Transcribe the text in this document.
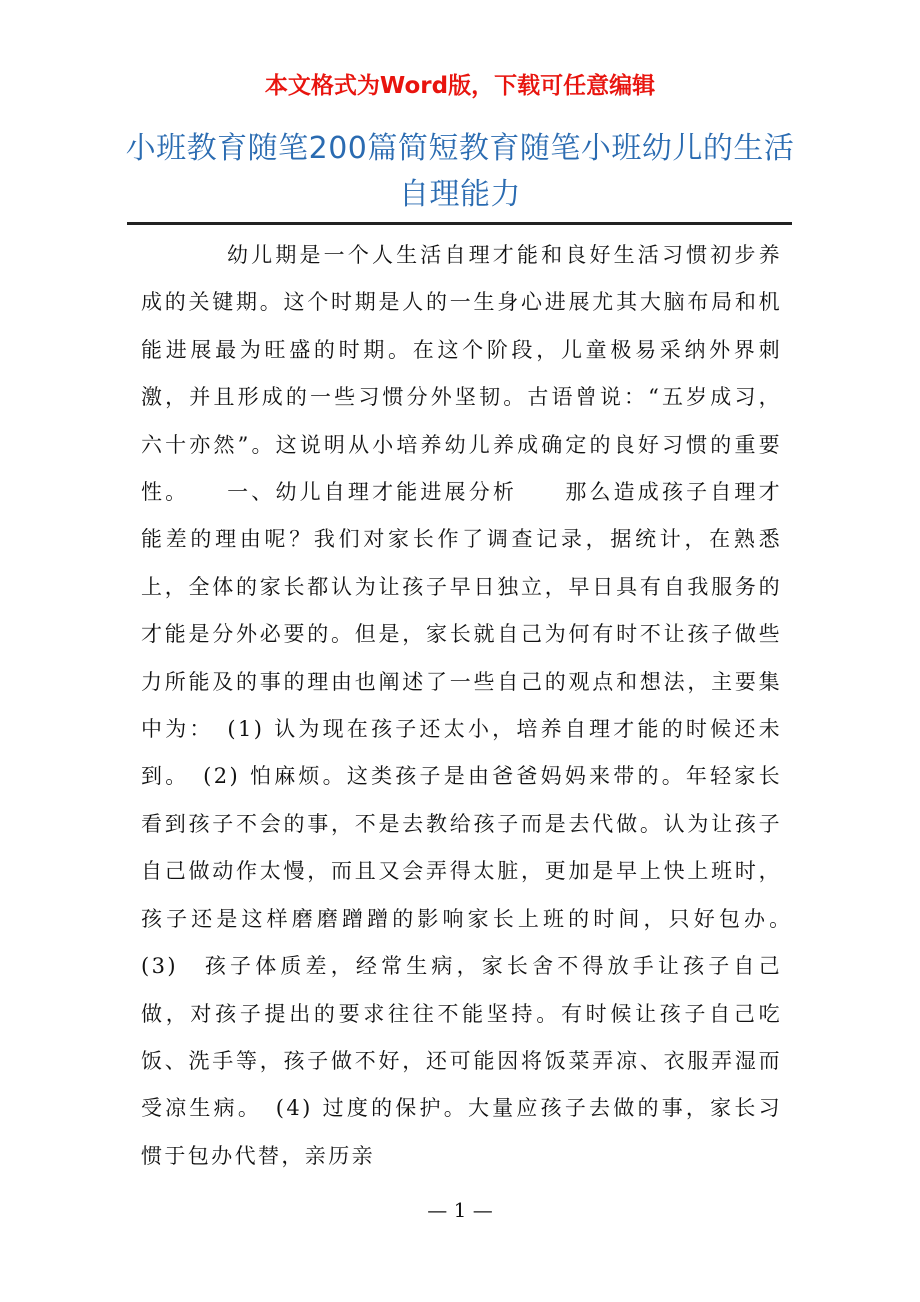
本文格式为Word版，下载可任意编辑
小班教育随笔200篇简短教育随笔小班幼儿的生活自理能力

幼儿期是一个人生活自理才能和良好生活习惯初步养成的关键期。这个时期是人的一生身心进展尤其大脑布局和机能进展最为旺盛的时期。在这个阶段，儿童极易采纳外界刺激，并且形成的一些习惯分外坚韧。古语曾说：“五岁成习，六十亦然”。这说明从小培养幼儿养成确定的良好习惯的重要性。　　一、幼儿自理才能进展分析　　那么造成孩子自理才能差的理由呢？我们对家长作了调查记录，据统计，在熟悉上，全体的家长都认为让孩子早日独立，早日具有自我服务的才能是分外必要的。但是，家长就自己为何有时不让孩子做些力所能及的事的理由也阐述了一些自己的观点和想法，主要集中为：　(1) 认为现在孩子还太小，培养自理才能的时候还未到。　(2) 怕麻烦。这类孩子是由爸爸妈妈来带的。年轻家长看到孩子不会的事，不是去教给孩子而是去代做。认为让孩子自己做动作太慢，而且又会弄得太脏，更加是早上快上班时，孩子还是这样磨磨蹭蹭的影响家长上班的时间，只好包办。　(3)　孩子体质差，经常生病，家长舍不得放手让孩子自己做，对孩子提出的要求往往不能坚持。有时候让孩子自己吃饭、洗手等，孩子做不好，还可能因将饭菜弄凉、衣服弄湿而受凉生病。　(4) 过度的保护。大量应孩子去做的事，家长习惯于包办代替，亲历亲

— 1 —
